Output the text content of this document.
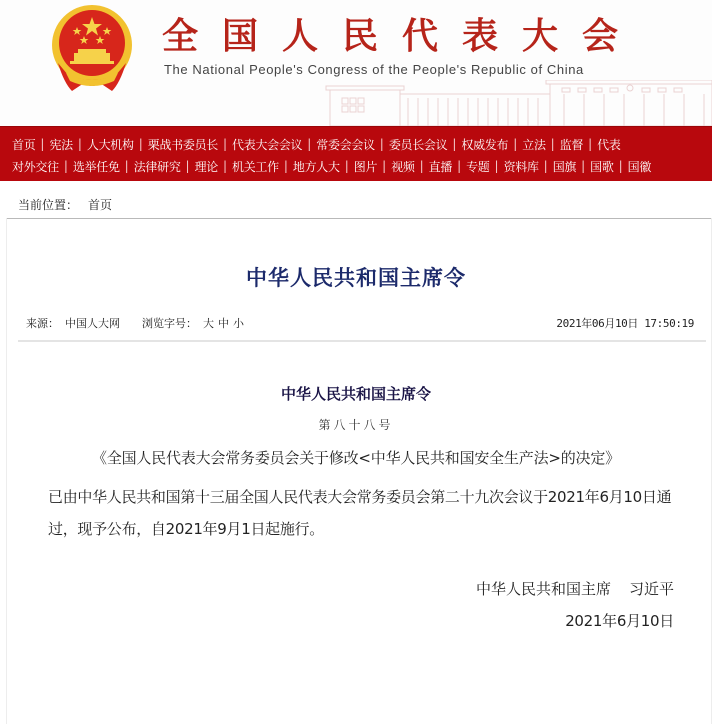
全国人民代表大会
The National People's Congress of the People's Republic of China
首页 | 宪法 | 人大机构 | 栗战书委员长 | 代表大会会议 | 常委会会议 | 委员长会议 | 权威发布 | 立法 | 监督 | 代表
对外交往 | 选举任免 | 法律研究 | 理论 | 机关工作 | 地方人大 | 图片 | 视频 | 直播 | 专题 | 资料库 | 国旗 | 国歌 | 国徽
当前位置： 首页
中华人民共和国主席令
来源： 中国人大网 浏览字号： 大 中 小	2021年06月10日 17:50:19
中华人民共和国主席令
第八十八号
《全国人民代表大会常务委员会关于修改<中华人民共和国安全生产法>的决定》

已由中华人民共和国第十三届全国人民代表大会常务委员会第二十九次会议于2021年6月10日通过，现予公布，自2021年9月1日起施行。

中华人民共和国主席 习近平
2021年6月10日
